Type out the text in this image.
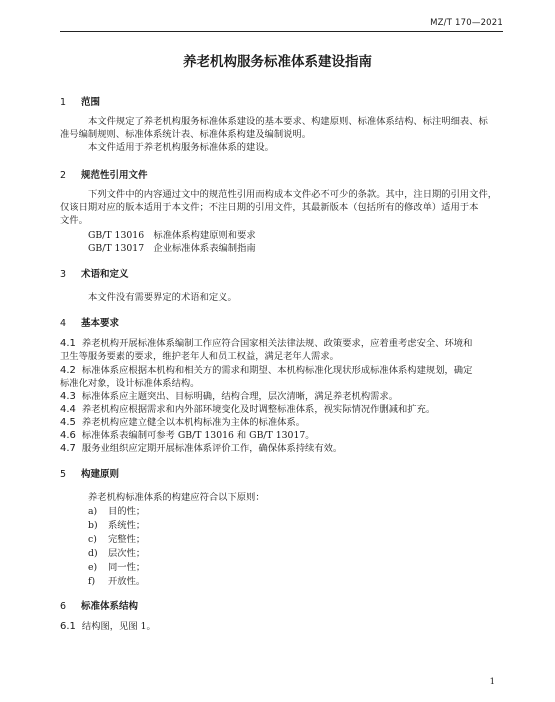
MZ/T 170—2021
养老机构服务标准体系建设指南
1 范围
本文件规定了养老机构服务标准体系建设的基本要求、构建原则、标准体系结构、标注明细表、标
准号编制规则、标准体系统计表、标准体系构建及编制说明。
本文件适用于养老机构服务标准体系的建设。
2 规范性引用文件
下列文件中的内容通过文中的规范性引用而构成本文件必不可少的条款。其中，注日期的引用文件，
仅该日期对应的版本适用于本文件；不注日期的引用文件，其最新版本（包括所有的修改单）适用于本
文件。
GB/T 13016　标准体系构建原则和要求
GB/T 13017　企业标准体系表编制指南
3 术语和定义
本文件没有需要界定的术语和定义。
4 基本要求
4.1 养老机构开展标准体系编制工作应符合国家相关法律法规、政策要求，应着重考虑安全、环境和
卫生等服务要素的要求，维护老年人和员工权益，满足老年人需求。
4.2 标准体系应根据本机构和相关方的需求和期望、本机构标准化现状形成标准体系构建规划，确定
标准化对象，设计标准体系结构。
4.3 标准体系应主题突出、目标明确，结构合理，层次清晰，满足养老机构需求。
4.4 养老机构应根据需求和内外部环境变化及时调整标准体系，视实际情况作删减和扩充。
4.5 养老机构应建立健全以本机构标准为主体的标准体系。
4.6 标准体系表编制可参考 GB/T 13016 和 GB/T 13017。
4.7 服务业组织应定期开展标准体系评价工作，确保体系持续有效。
5 构建原则
养老机构标准体系的构建应符合以下原则：
a) 目的性；
b) 系统性；
c) 完整性；
d) 层次性；
e) 同一性；
f) 开放性。
6 标准体系结构
6.1 结构图，见图 1。
1
